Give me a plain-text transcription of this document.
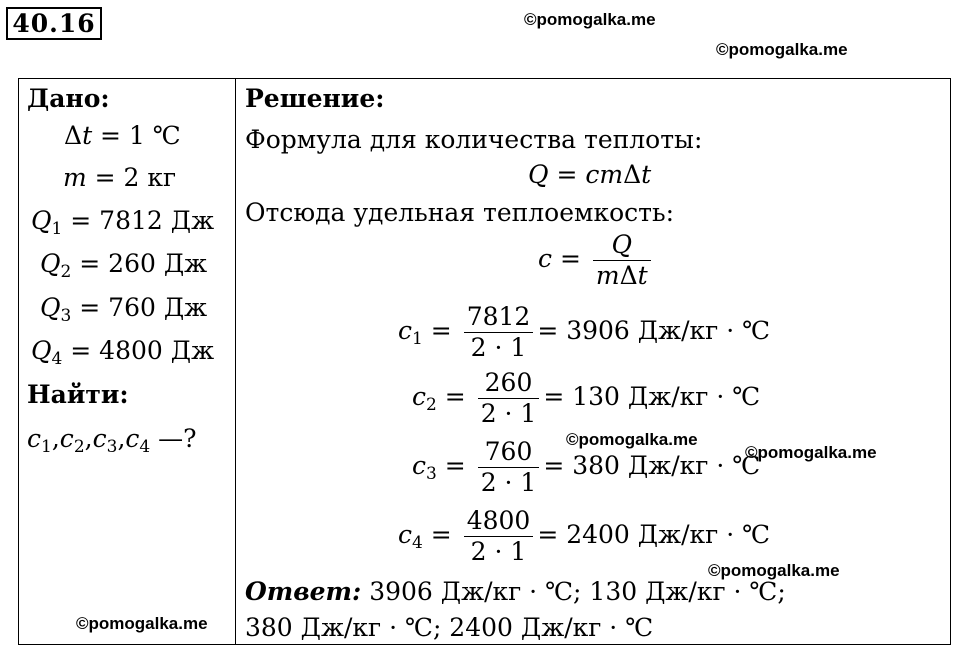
40.16	©pomogalka.me
©pomogalka.me
Дано:
Δt = 1 ℃
m = 2 кг
$Q_1 = 7812$ Дж
$Q_2 = 260$ Дж
$Q_3 = 760$ Дж
$Q_4 = 4800$ Дж
Найти:
$c_1,c_2,c_3,c_4$ —?
©pomogalka.me
Решение:
Формула для количества теплоты:
Q = cmΔt
Отсюда удельная теплоемкость:
$c = \frac{Q}{\text{mΔt}}$
$c_1 = \frac{7812}{2 \cdot 1} = 3906$ Дж/кг · ℃
$c_2 = \frac{260}{2 \cdot 1} = 130$ Дж/кг · ℃
$c_3 = \frac{760}{2 \cdot 1} = 380$ Дж/кг · ℃
$c_4 = \frac{4800}{2 \cdot 1} = 2400$ Дж/кг · ℃
©pomogalka.me
©pomogalka.me
©pomogalka.me
Ответ: 3906 Дж/кг · ℃; 130 Дж/кг · ℃;
380 Дж/кг · ℃; 2400 Дж/кг · ℃
